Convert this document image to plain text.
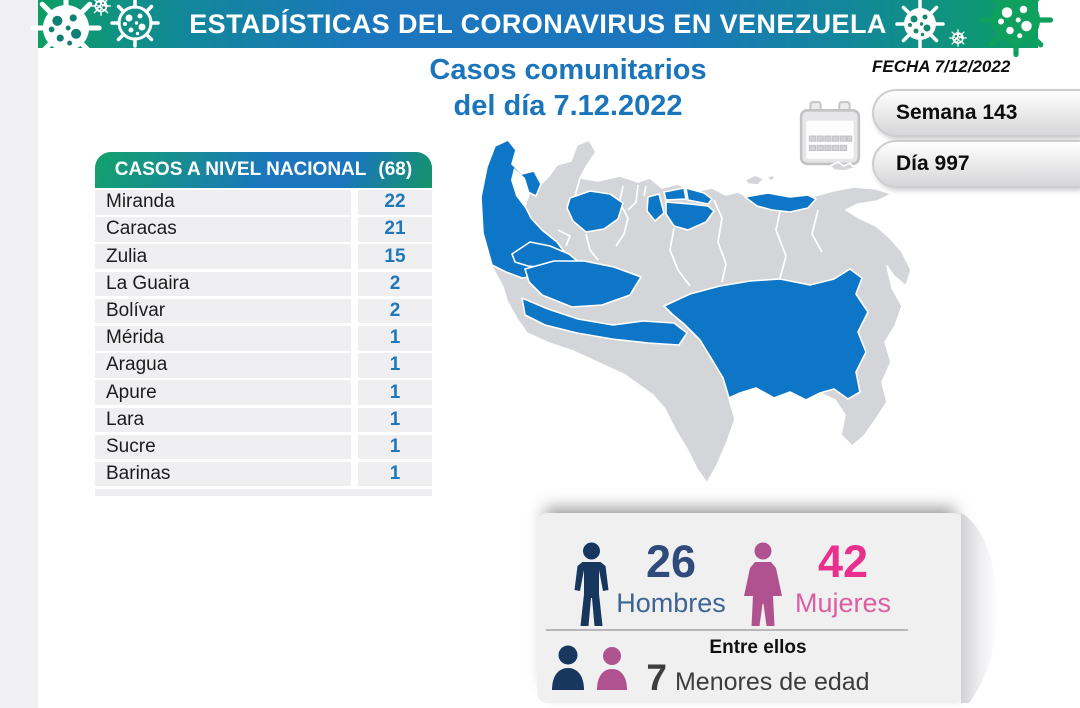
ESTADÍSTICAS DEL CORONAVIRUS EN VENEZUELA
Casos comunitarios
del día 7.12.2022
FECHA 7/12/2022
Semana 143
Día 997
CASOS A NIVEL NACIONAL (68)
Miranda	22
Caracas	21
Zulia	15
La Guaira	2
Bolívar	2
Mérida	1
Aragua	1
Apure	1
Lara	1
Sucre	1
Barinas	1
26
Hombres
42
Mujeres
Entre ellos
7 Menores de edad
